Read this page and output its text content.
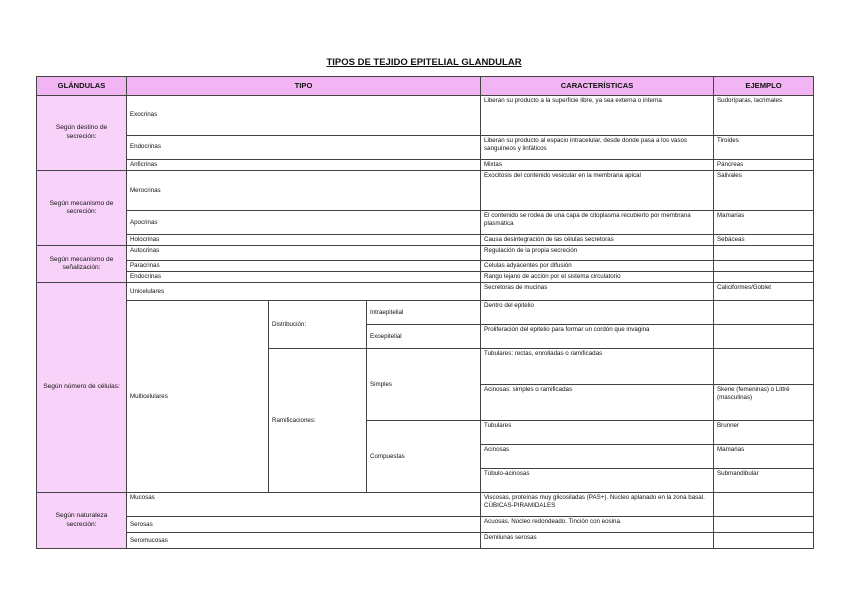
TIPOS DE TEJIDO EPITELIAL GLANDULAR
GLÁNDULAS	TIPO			CARACTERÍSTICAS	EJEMPLO
Según destino de secreción:	Exocrinas			Liberan su producto a la superficie libre, ya sea externa o interna	Sudoríparas, lacrimales
	Endocrinas			Liberan su producto al espacio intracelular, desde donde pasa a los vasos sanguíneos y linfáticos	Tiroides
	Anficrinas			Mixtas	Páncreas
Según mecanismo de secreción:	Merocrinas			Exocitosis del contenido vesicular en la membrana apical	Salivales
	Apocrinas			El contenido se rodea de una capa de citoplasma recubierto por membrana plasmática	Mamarias
	Holocrinas			Causa desintegración de las células secretoras	Sebáceas
Según mecanismo de señalización:	Autocrinas			Regulación de la propia secreción	
	Paracrinas			Celulas adyacentes por difusión	
	Endocrinas			Rango lejano de acción por el sistema circulatorio	
Según número de células:	Unicelulares			Secretoras de mucinas	Caliciformes/Goblet
	Multicelulares	Distribución:	Intraepitelial	Dentro del epitelio	
			Exoepitelial	Proliferación del epitelio para formar un cordón que invagina	
		Ramificaciones:	Simples	Tubulares: rectas, enrolladas o ramificadas	
				Acinosas: simples o ramificadas	Skene (femeninas) o Littré (masculinas)
			Compuestas	Tubulares	Brunner
				Acinosas	Mamarias
				Túbulo-acinosas	Submandibular
Según naturaleza secreción:	Mucosas			Viscosas, proteínas muy glicosiladas (PAS+). Núcleo aplanado en la zona basal. CÚBICAS-PIRAMIDALES	
	Serosas			Acuosas. Núcleo redondeado. Tinción con eosina.	
	Seromucosas			Demilunas serosas	
